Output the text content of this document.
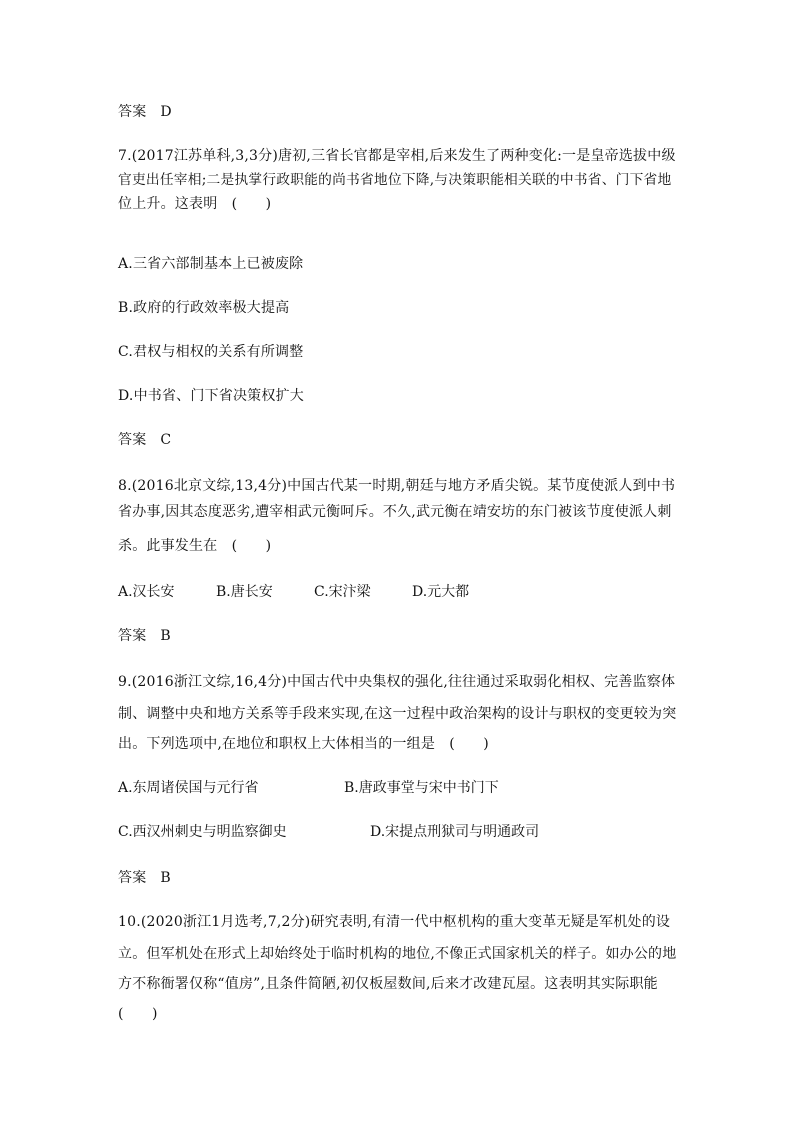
答案 D
7.(2017江苏单科,3,3分)唐初,三省长官都是宰相,后来发生了两种变化:一是皇帝选拔中级
官吏出任宰相;二是执掌行政职能的尚书省地位下降,与决策职能相关联的中书省、门下省地
位上升。这表明　(　　)
A.三省六部制基本上已被废除
B.政府的行政效率极大提高
C.君权与相权的关系有所调整
D.中书省、门下省决策权扩大
答案 C
8.(2016北京文综,13,4分)中国古代某一时期,朝廷与地方矛盾尖锐。某节度使派人到中书
省办事,因其态度恶劣,遭宰相武元衡呵斥。不久,武元衡在靖安坊的东门被该节度使派人刺
杀。此事发生在　(　　)
A.汉长安	B.唐长安	C.宋汴梁	D.元大都
答案 B
9.(2016浙江文综,16,4分)中国古代中央集权的强化,往往通过采取弱化相权、完善监察体
制、调整中央和地方关系等手段来实现,在这一过程中政治架构的设计与职权的变更较为突
出。下列选项中,在地位和职权上大体相当的一组是　(　　)
A.东周诸侯国与元行省	B.唐政事堂与宋中书门下
C.西汉州刺史与明监察御史	D.宋提点刑狱司与明通政司
答案 B
10.(2020浙江1月选考,7,2分)研究表明,有清一代中枢机构的重大变革无疑是军机处的设
立。但军机处在形式上却始终处于临时机构的地位,不像正式国家机关的样子。如办公的地
方不称衙署仅称“值房”,且条件简陋,初仅板屋数间,后来才改建瓦屋。这表明其实际职能
(　　)
